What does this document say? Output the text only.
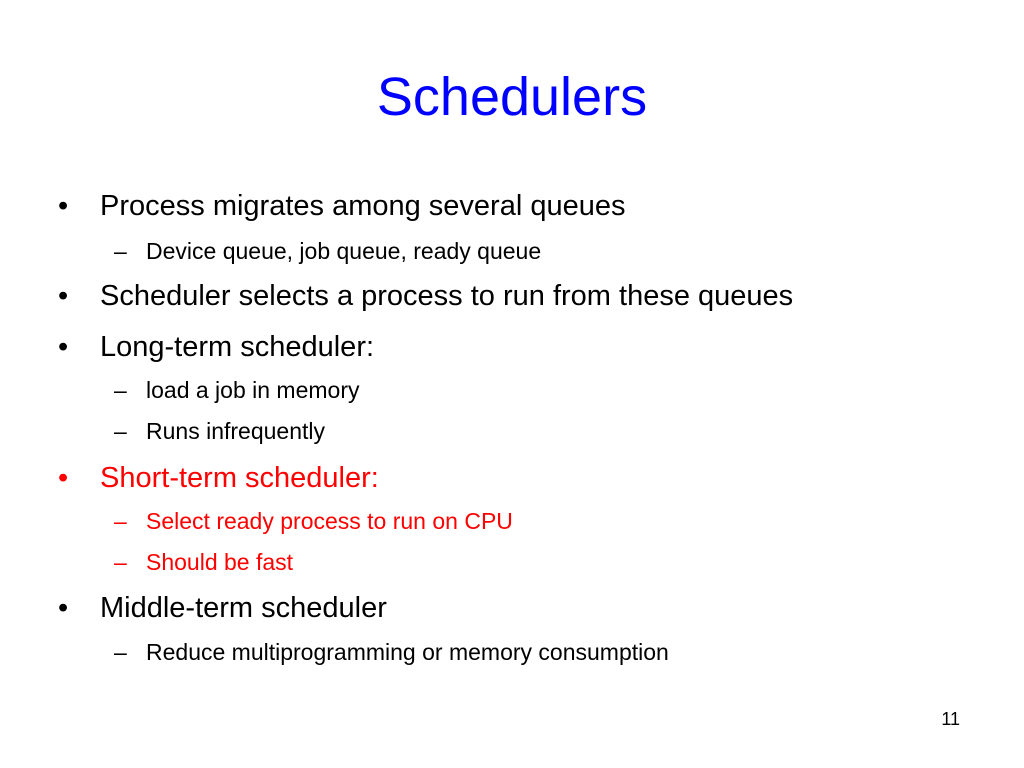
Schedulers
• Process migrates among several queues
– Device queue, job queue, ready queue
• Scheduler selects a process to run from these queues
• Long-term scheduler:
– load a job in memory
– Runs infrequently
• Short-term scheduler:
– Select ready process to run on CPU
– Should be fast
• Middle-term scheduler
– Reduce multiprogramming or memory consumption
11
